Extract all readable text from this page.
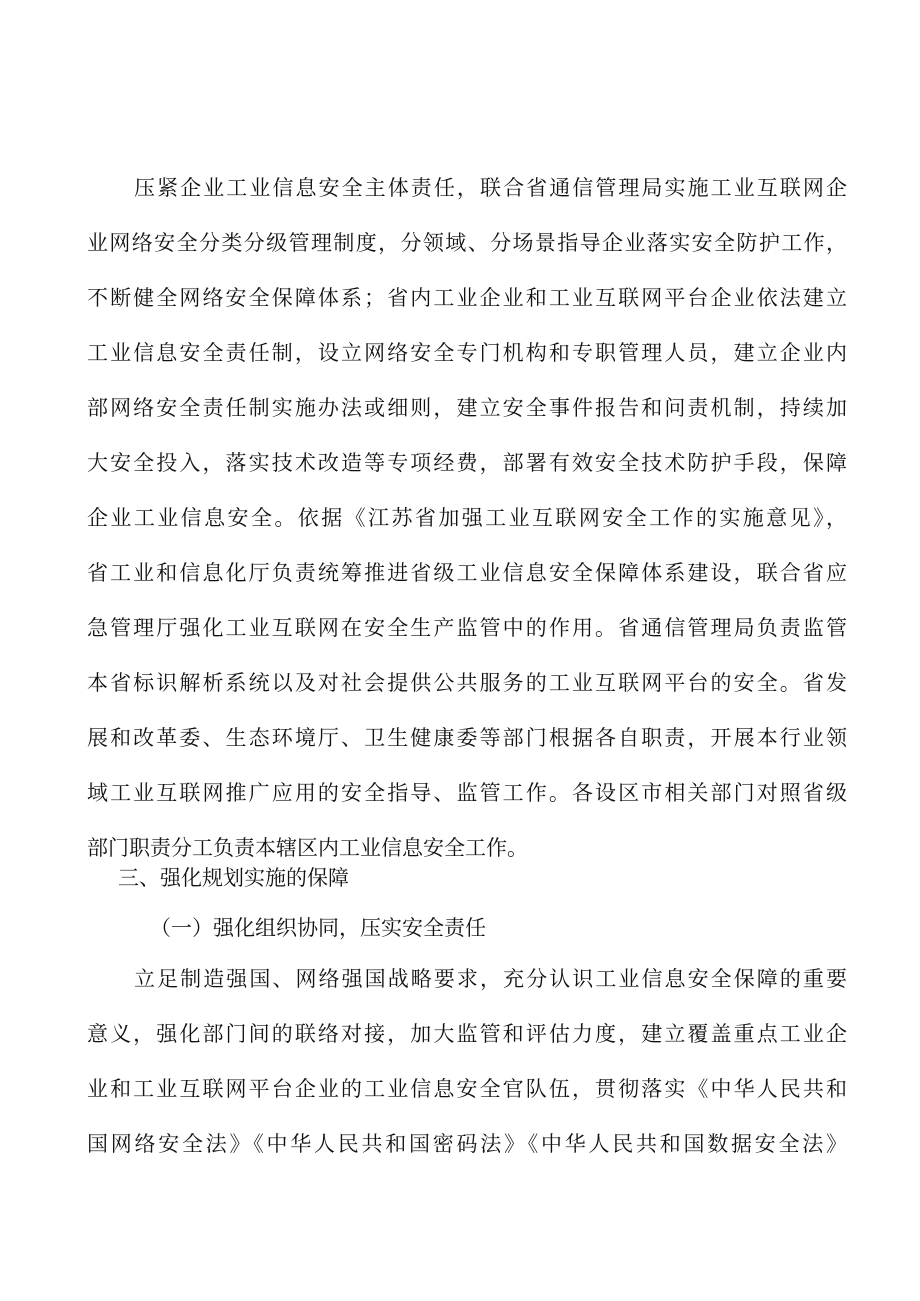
压紧企业工业信息安全主体责任，联合省通信管理局实施工业互联网企
业网络安全分类分级管理制度，分领域、分场景指导企业落实安全防护工作，
不断健全网络安全保障体系；省内工业企业和工业互联网平台企业依法建立
工业信息安全责任制，设立网络安全专门机构和专职管理人员，建立企业内
部网络安全责任制实施办法或细则，建立安全事件报告和问责机制，持续加
大安全投入，落实技术改造等专项经费，部署有效安全技术防护手段，保障
企业工业信息安全。依据《江苏省加强工业互联网安全工作的实施意见》，
省工业和信息化厅负责统筹推进省级工业信息安全保障体系建设，联合省应
急管理厅强化工业互联网在安全生产监管中的作用。省通信管理局负责监管
本省标识解析系统以及对社会提供公共服务的工业互联网平台的安全。省发
展和改革委、生态环境厅、卫生健康委等部门根据各自职责，开展本行业领
域工业互联网推广应用的安全指导、监管工作。各设区市相关部门对照省级
部门职责分工负责本辖区内工业信息安全工作。
三、强化规划实施的保障
（一）强化组织协同，压实安全责任
立足制造强国、网络强国战略要求，充分认识工业信息安全保障的重要
意义，强化部门间的联络对接，加大监管和评估力度，建立覆盖重点工业企
业和工业互联网平台企业的工业信息安全官队伍，贯彻落实《中华人民共和
国网络安全法》《中华人民共和国密码法》《中华人民共和国数据安全法》
